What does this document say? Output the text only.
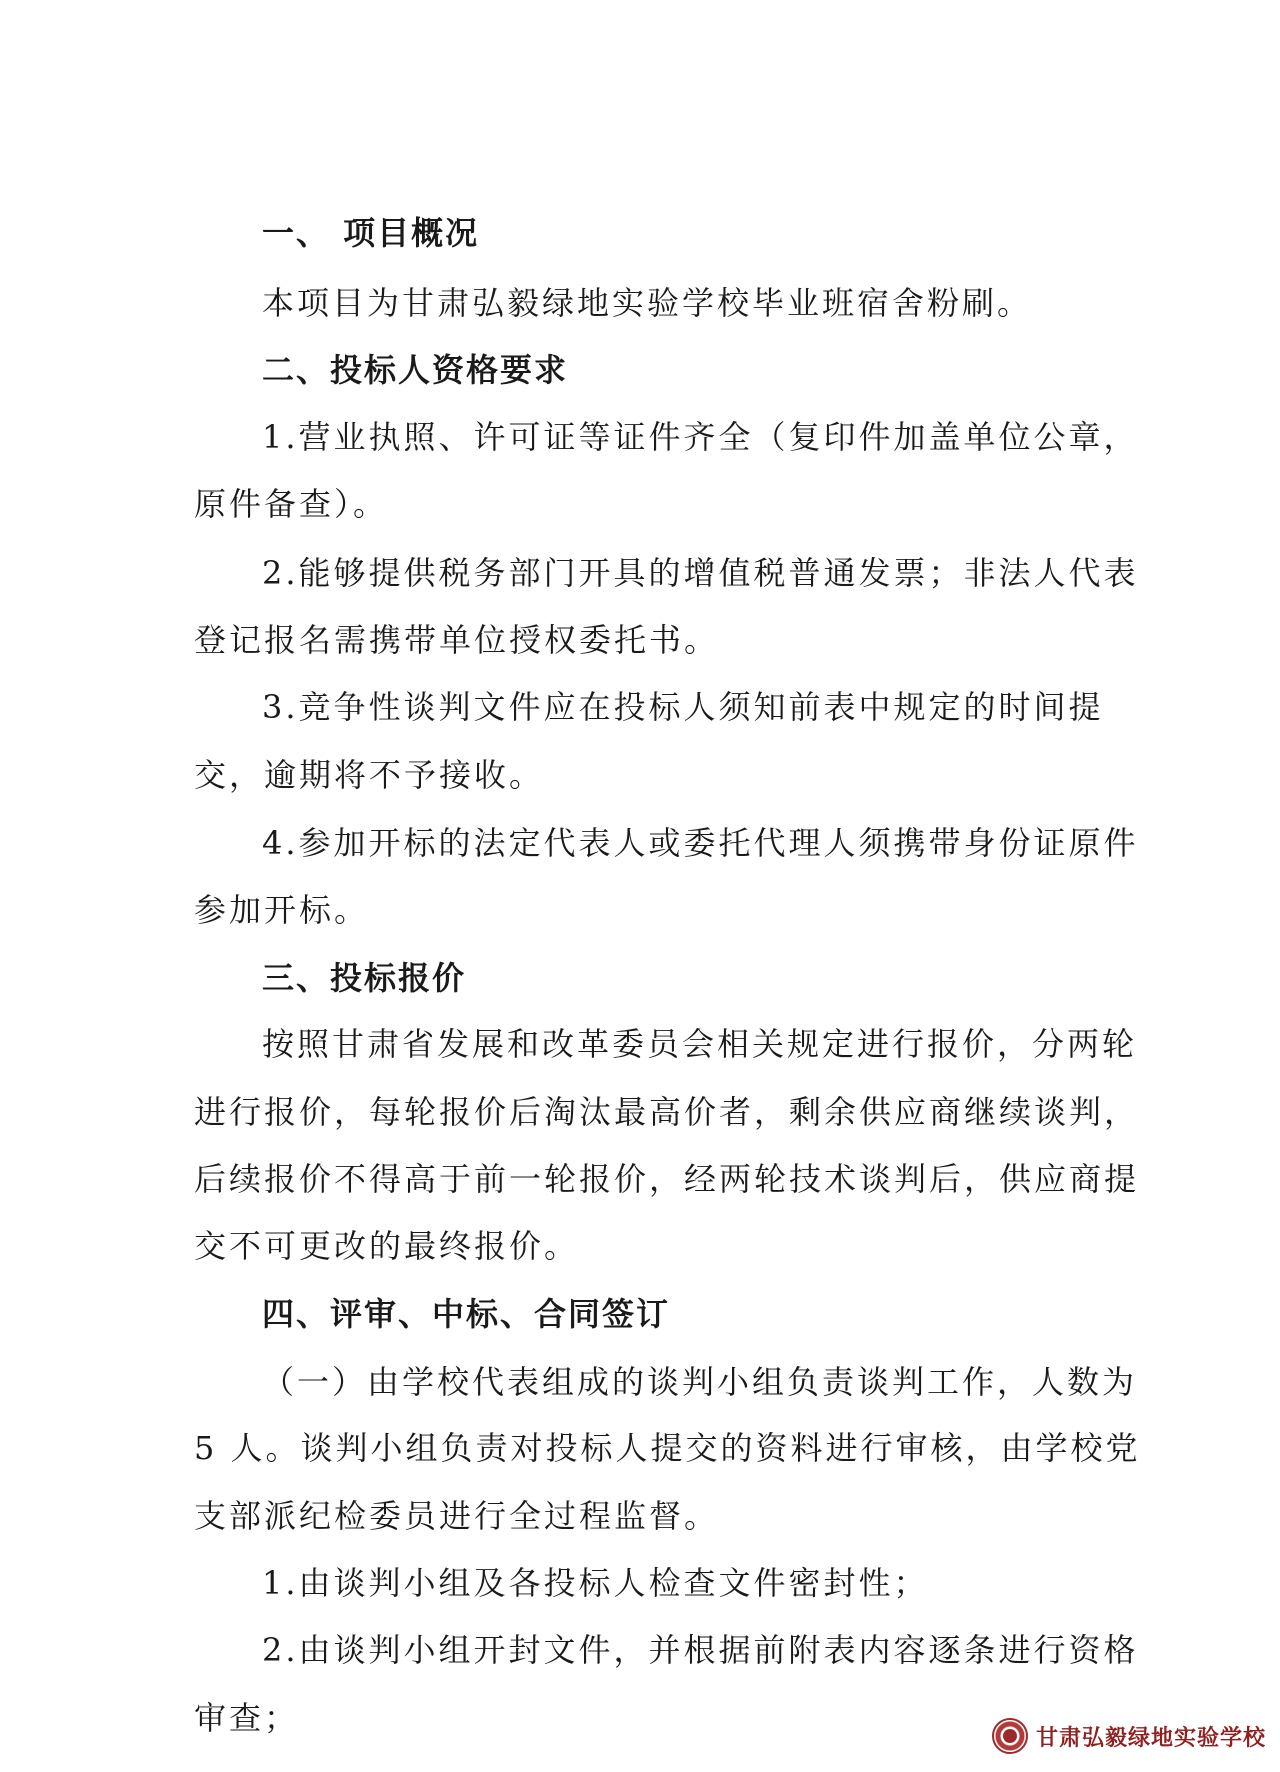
一、 项目概况
本项目为甘肃弘毅绿地实验学校毕业班宿舍粉刷。
二、投标人资格要求
1.营业执照、许可证等证件齐全（复印件加盖单位公章，
原件备查）。
2.能够提供税务部门开具的增值税普通发票；非法人代表
登记报名需携带单位授权委托书。
3.竞争性谈判文件应在投标人须知前表中规定的时间提
交，逾期将不予接收。
4.参加开标的法定代表人或委托代理人须携带身份证原件
参加开标。
三、投标报价
按照甘肃省发展和改革委员会相关规定进行报价，分两轮
进行报价，每轮报价后淘汰最高价者，剩余供应商继续谈判，
后续报价不得高于前一轮报价，经两轮技术谈判后，供应商提
交不可更改的最终报价。
四、评审、中标、合同签订
（一）由学校代表组成的谈判小组负责谈判工作，人数为
5 人。谈判小组负责对投标人提交的资料进行审核，由学校党
支部派纪检委员进行全过程监督。
1.由谈判小组及各投标人检查文件密封性；
2.由谈判小组开封文件，并根据前附表内容逐条进行资格
审查；
甘肃弘毅绿地实验学校
